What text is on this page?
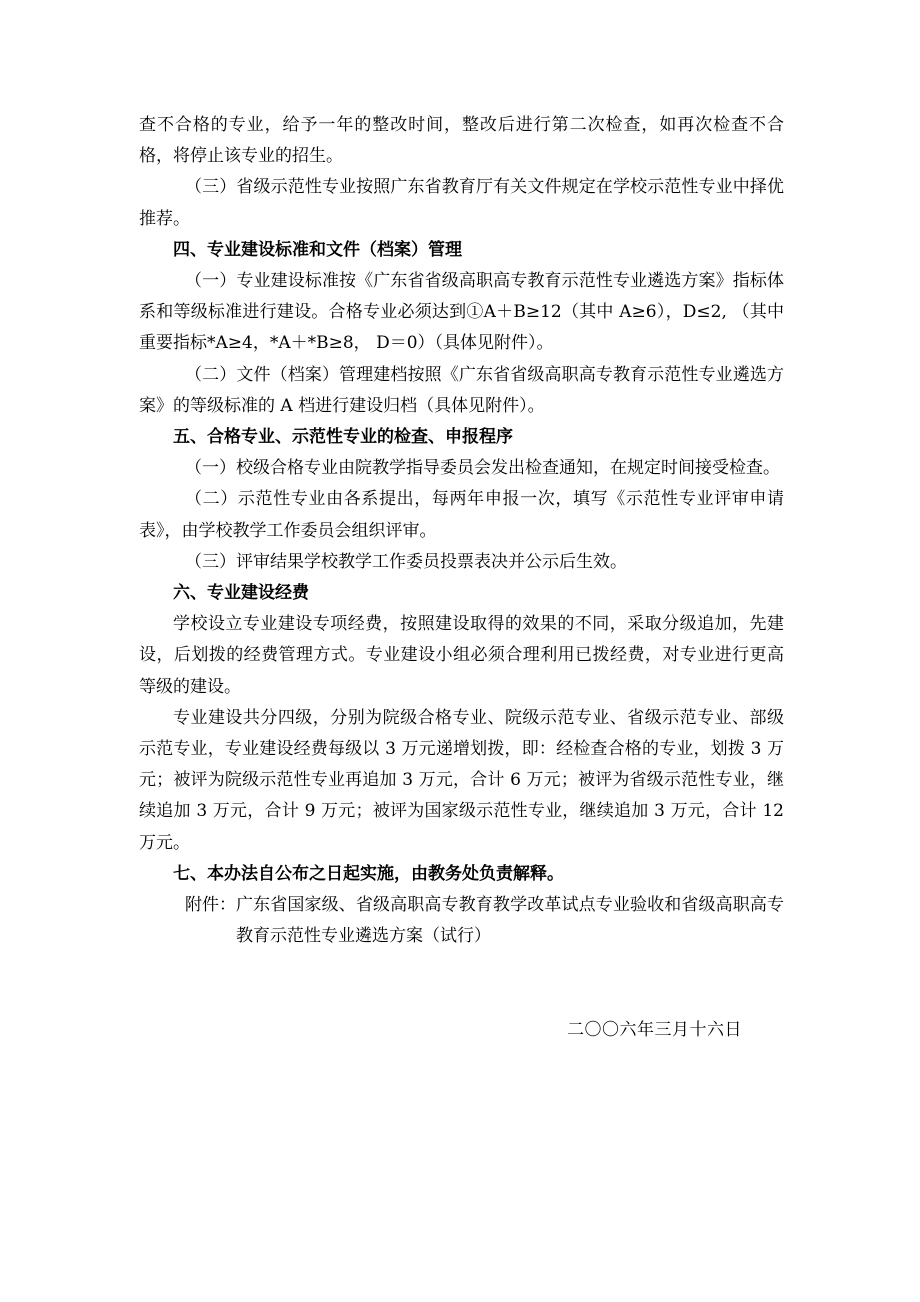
查不合格的专业，给予一年的整改时间，整改后进行第二次检查，如再次检查不合格，将停止该专业的招生。

（三）省级示范性专业按照广东省教育厅有关文件规定在学校示范性专业中择优推荐。

四、专业建设标准和文件（档案）管理

（一）专业建设标准按《广东省省级高职高专教育示范性专业遴选方案》指标体系和等级标准进行建设。合格专业必须达到①A＋B≥12（其中 A≥6），D≤2, （其中重要指标*A≥4，*A＋*B≥8， D＝0）（具体见附件）。

（二）文件（档案）管理建档按照《广东省省级高职高专教育示范性专业遴选方案》的等级标准的 A 档进行建设归档（具体见附件）。

五、合格专业、示范性专业的检查、申报程序

（一）校级合格专业由院教学指导委员会发出检查通知，在规定时间接受检查。

（二）示范性专业由各系提出，每两年申报一次，填写《示范性专业评审申请表》，由学校教学工作委员会组织评审。

（三）评审结果学校教学工作委员投票表决并公示后生效。

六、专业建设经费

学校设立专业建设专项经费，按照建设取得的效果的不同，采取分级追加，先建设，后划拨的经费管理方式。专业建设小组必须合理利用已拨经费，对专业进行更高等级的建设。

专业建设共分四级，分别为院级合格专业、院级示范专业、省级示范专业、部级示范专业，专业建设经费每级以 3 万元递增划拨，即：经检查合格的专业，划拨 3 万元；被评为院级示范性专业再追加 3 万元，合计 6 万元；被评为省级示范性专业，继续追加 3 万元，合计 9 万元；被评为国家级示范性专业，继续追加 3 万元，合计 12 万元。

七、本办法自公布之日起实施，由教务处负责解释。

附件： 广东省国家级、省级高职高专教育教学改革试点专业验收和省级高职高专教育示范性专业遴选方案（试行）
二〇〇六年三月十六日
